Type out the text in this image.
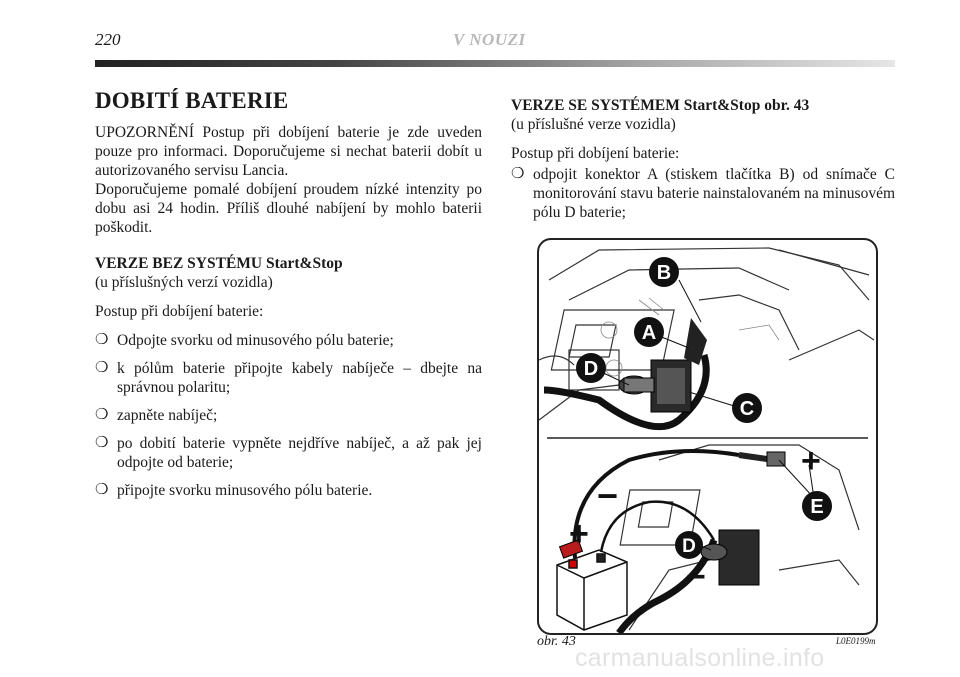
220	V NOUZI
DOBITÍ BATERIE

UPOZORNĚNÍ Postup při dobíjení baterie je zde uveden pouze pro informaci. Doporučujeme si nechat baterii dobít u autorizovaného servisu Lancia.

Doporučujeme pomalé dobíjení proudem nízké intenzity po dobu asi 24 hodin. Příliš dlouhé nabíjení by mohlo baterii poškodit.

VERZE BEZ SYSTÉMU Start&Stop

(u příslušných verzí vozidla)

Postup při dobíjení baterie:

❍ Odpojte svorku od minusového pólu baterie;
❍ k pólům baterie připojte kabely nabíječe – dbejte na správnou polaritu;
❍ zapněte nabíječ;
❍ po dobití baterie vypněte nejdříve nabíječ, a až pak jej odpojte od baterie;
❍ připojte svorku minusového pólu baterie.
VERZE SE SYSTÉMEM Start&Stop obr. 43

(u příslušné verze vozidla)

Postup při dobíjení baterie:

❍ odpojit konektor A (stiskem tlačítka B) od snímače C monitorování stavu baterie nainstalovaném na minusovém pólu D baterie;
B
A
D
C
E
D
+
−
+
−
obr. 43	L0E0199m
carmanualsonline.info
